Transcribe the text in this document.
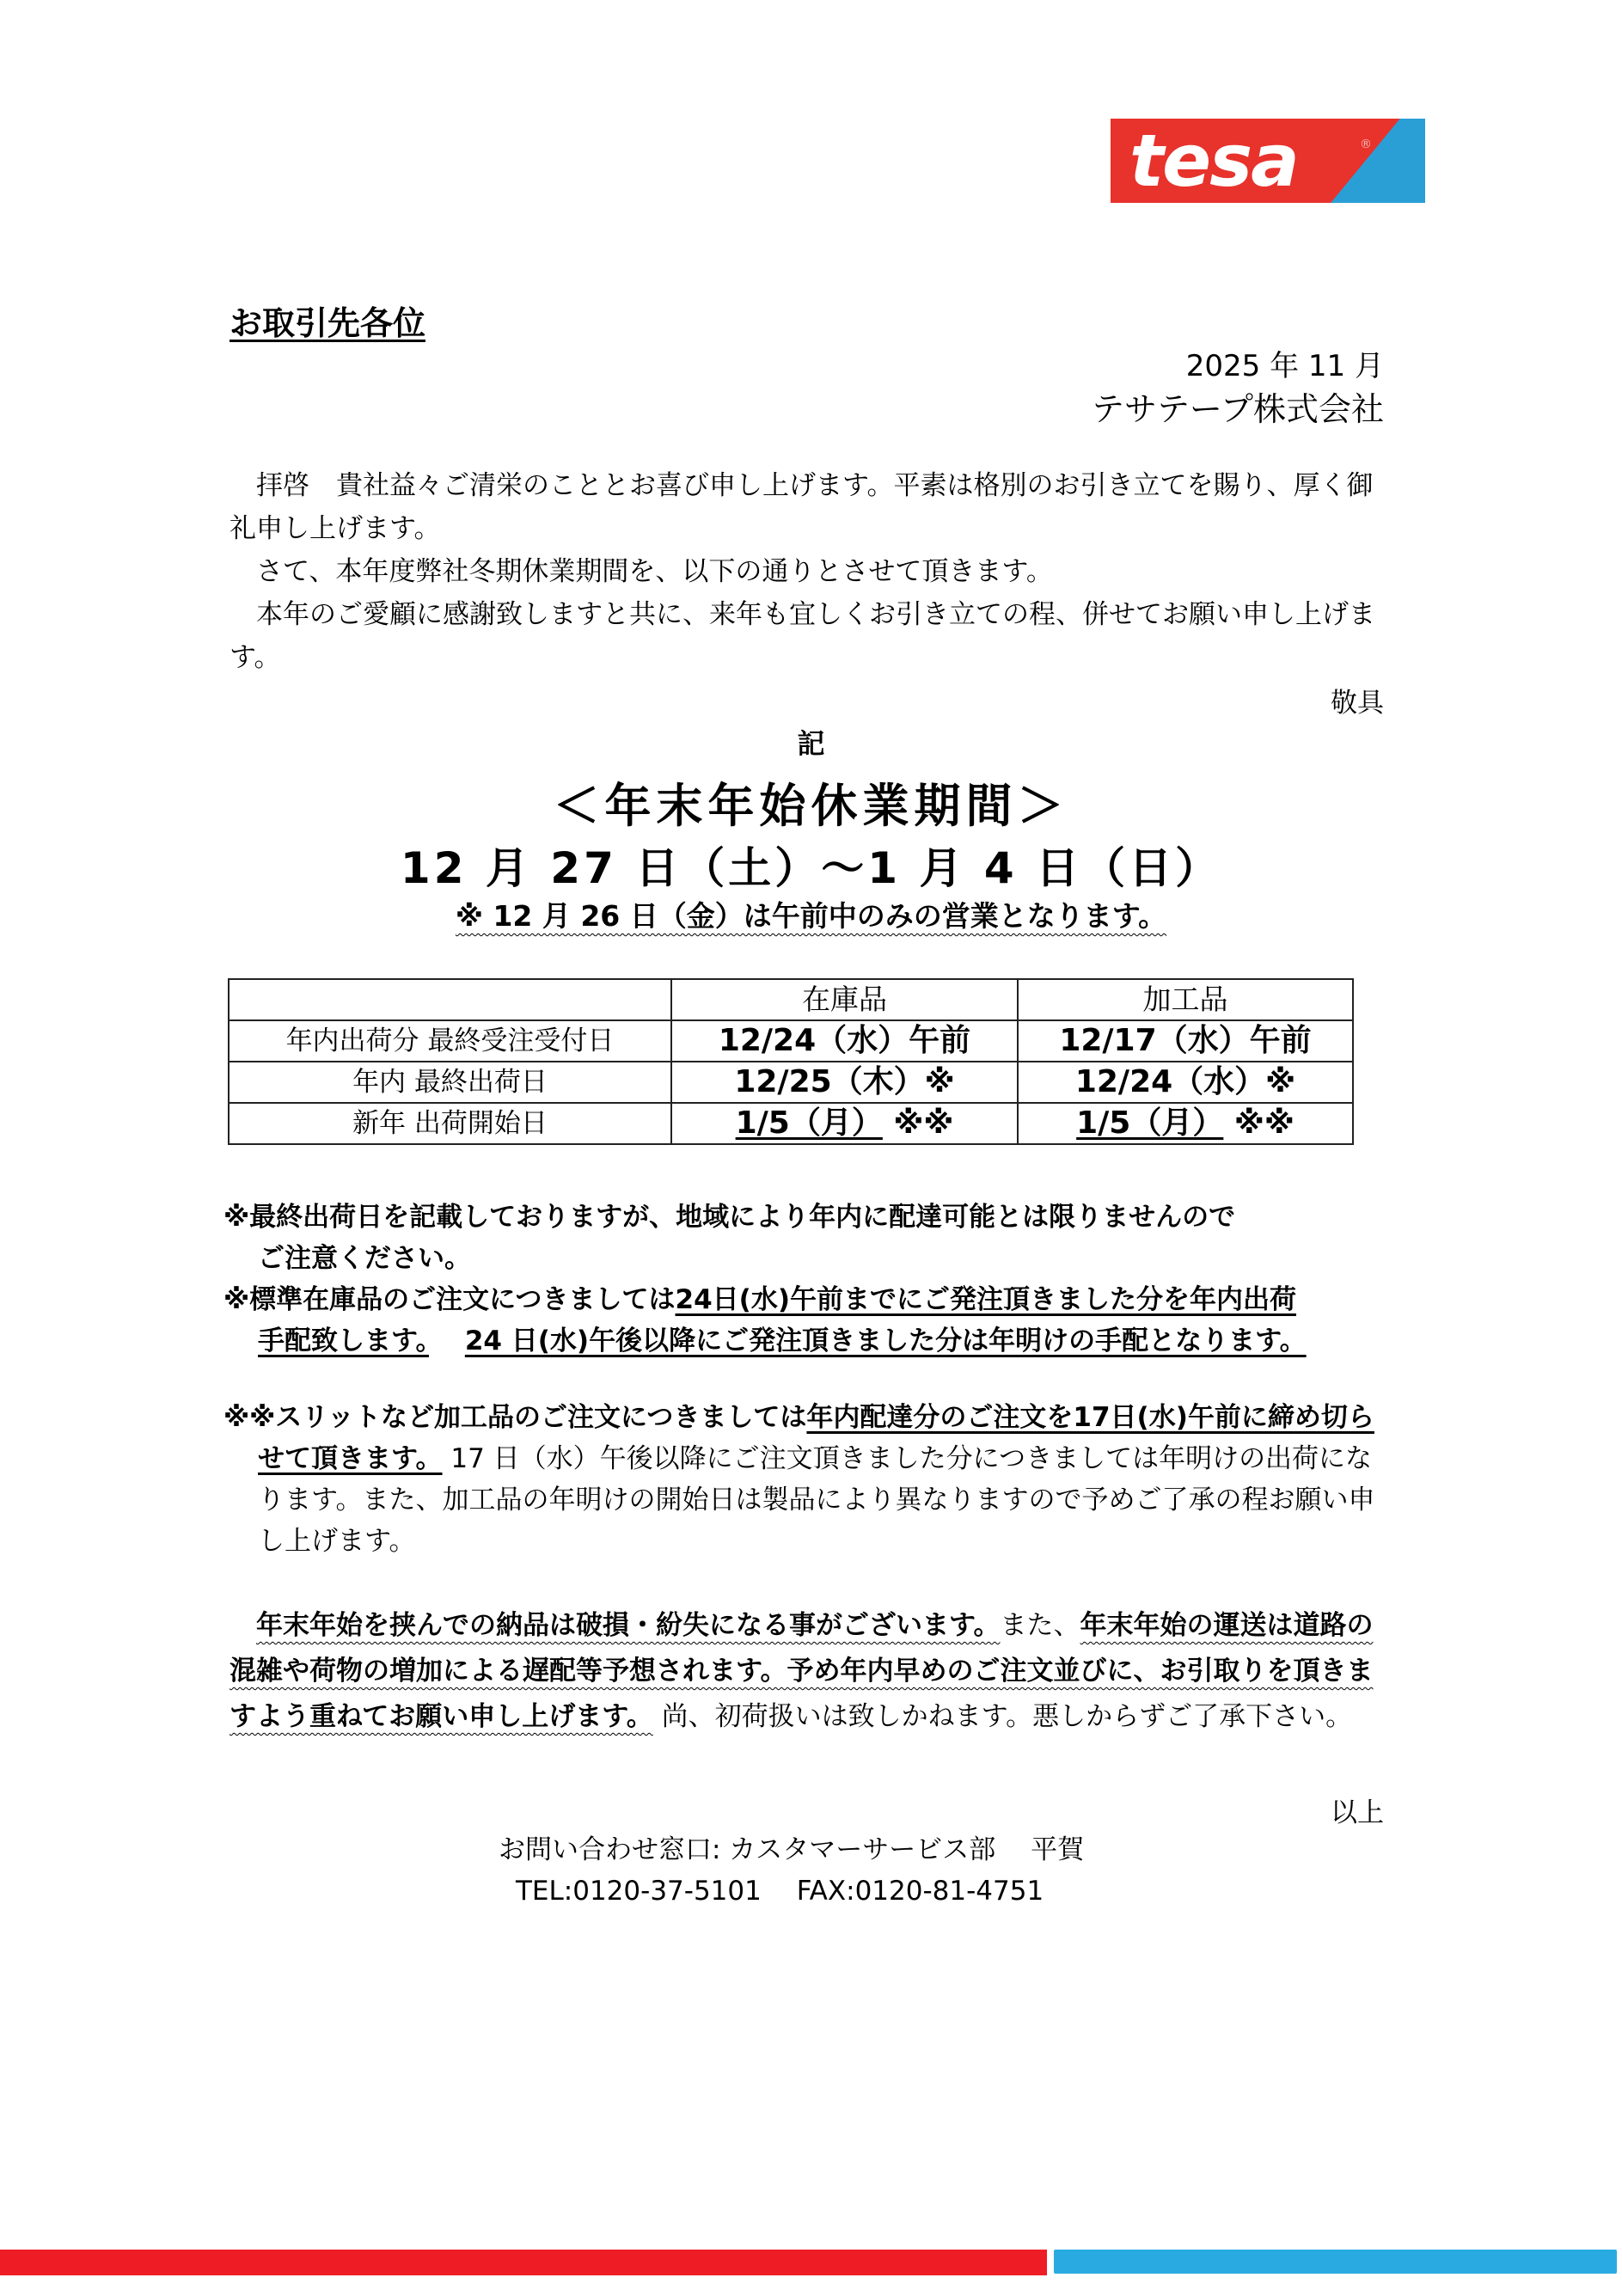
tesa	®
お取引先各位
2025 年 11 月
テサテープ株式会社
　拝啓　貴社益々ご清栄のこととお喜び申し上げます。平素は格別のお引き立てを賜り、厚く御礼申し上げます。
　さて、本年度弊社冬期休業期間を、以下の通りとさせて頂きます。
　本年のご愛顧に感謝致しますと共に、来年も宜しくお引き立ての程、併せてお願い申し上げます。
敬具
記
＜年末年始休業期間＞
12 月 27 日（土）〜1 月 4 日（日）
※ 12 月 26 日（金）は午前中のみの営業となります。
	在庫品	加工品
年内出荷分 最終受注受付日	12/24（水）午前	12/17（水）午前
年内 最終出荷日	12/25（木）※	12/24（水）※
新年 出荷開始日	1/5（月） ※※	1/5（月） ※※
※最終出荷日を記載しておりますが、地域により年内に配達可能とは限りませんので
ご注意ください。
※標準在庫品のご注文につきましては24日(水)午前までにご発注頂きました分を年内出荷
手配致します。　 24 日(水)午後以降にご発注頂きました分は年明けの手配となります。
※※スリットなど加工品のご注文につきましては年内配達分のご注文を17日(水)午前に締め切らせて頂きます。 17 日（水）午後以降にご注文頂きました分につきましては年明けの出荷になります。また、加工品の年明けの開始日は製品により異なりますので予めご了承の程お願い申し上げます。
年末年始を挟んでの納品は破損・紛失になる事がございます。また、年末年始の運送は道路の混雑や荷物の増加による遅配等予想されます。予め年内早めのご注文並びに、お引取りを頂きますよう重ねてお願い申し上げます。 尚、初荷扱いは致しかねます。悪しからずご了承下さい。
以上
お問い合わせ窓口: カスタマーサービス部　 平賀
TEL:0120-37-5101　 FAX:0120-81-4751
